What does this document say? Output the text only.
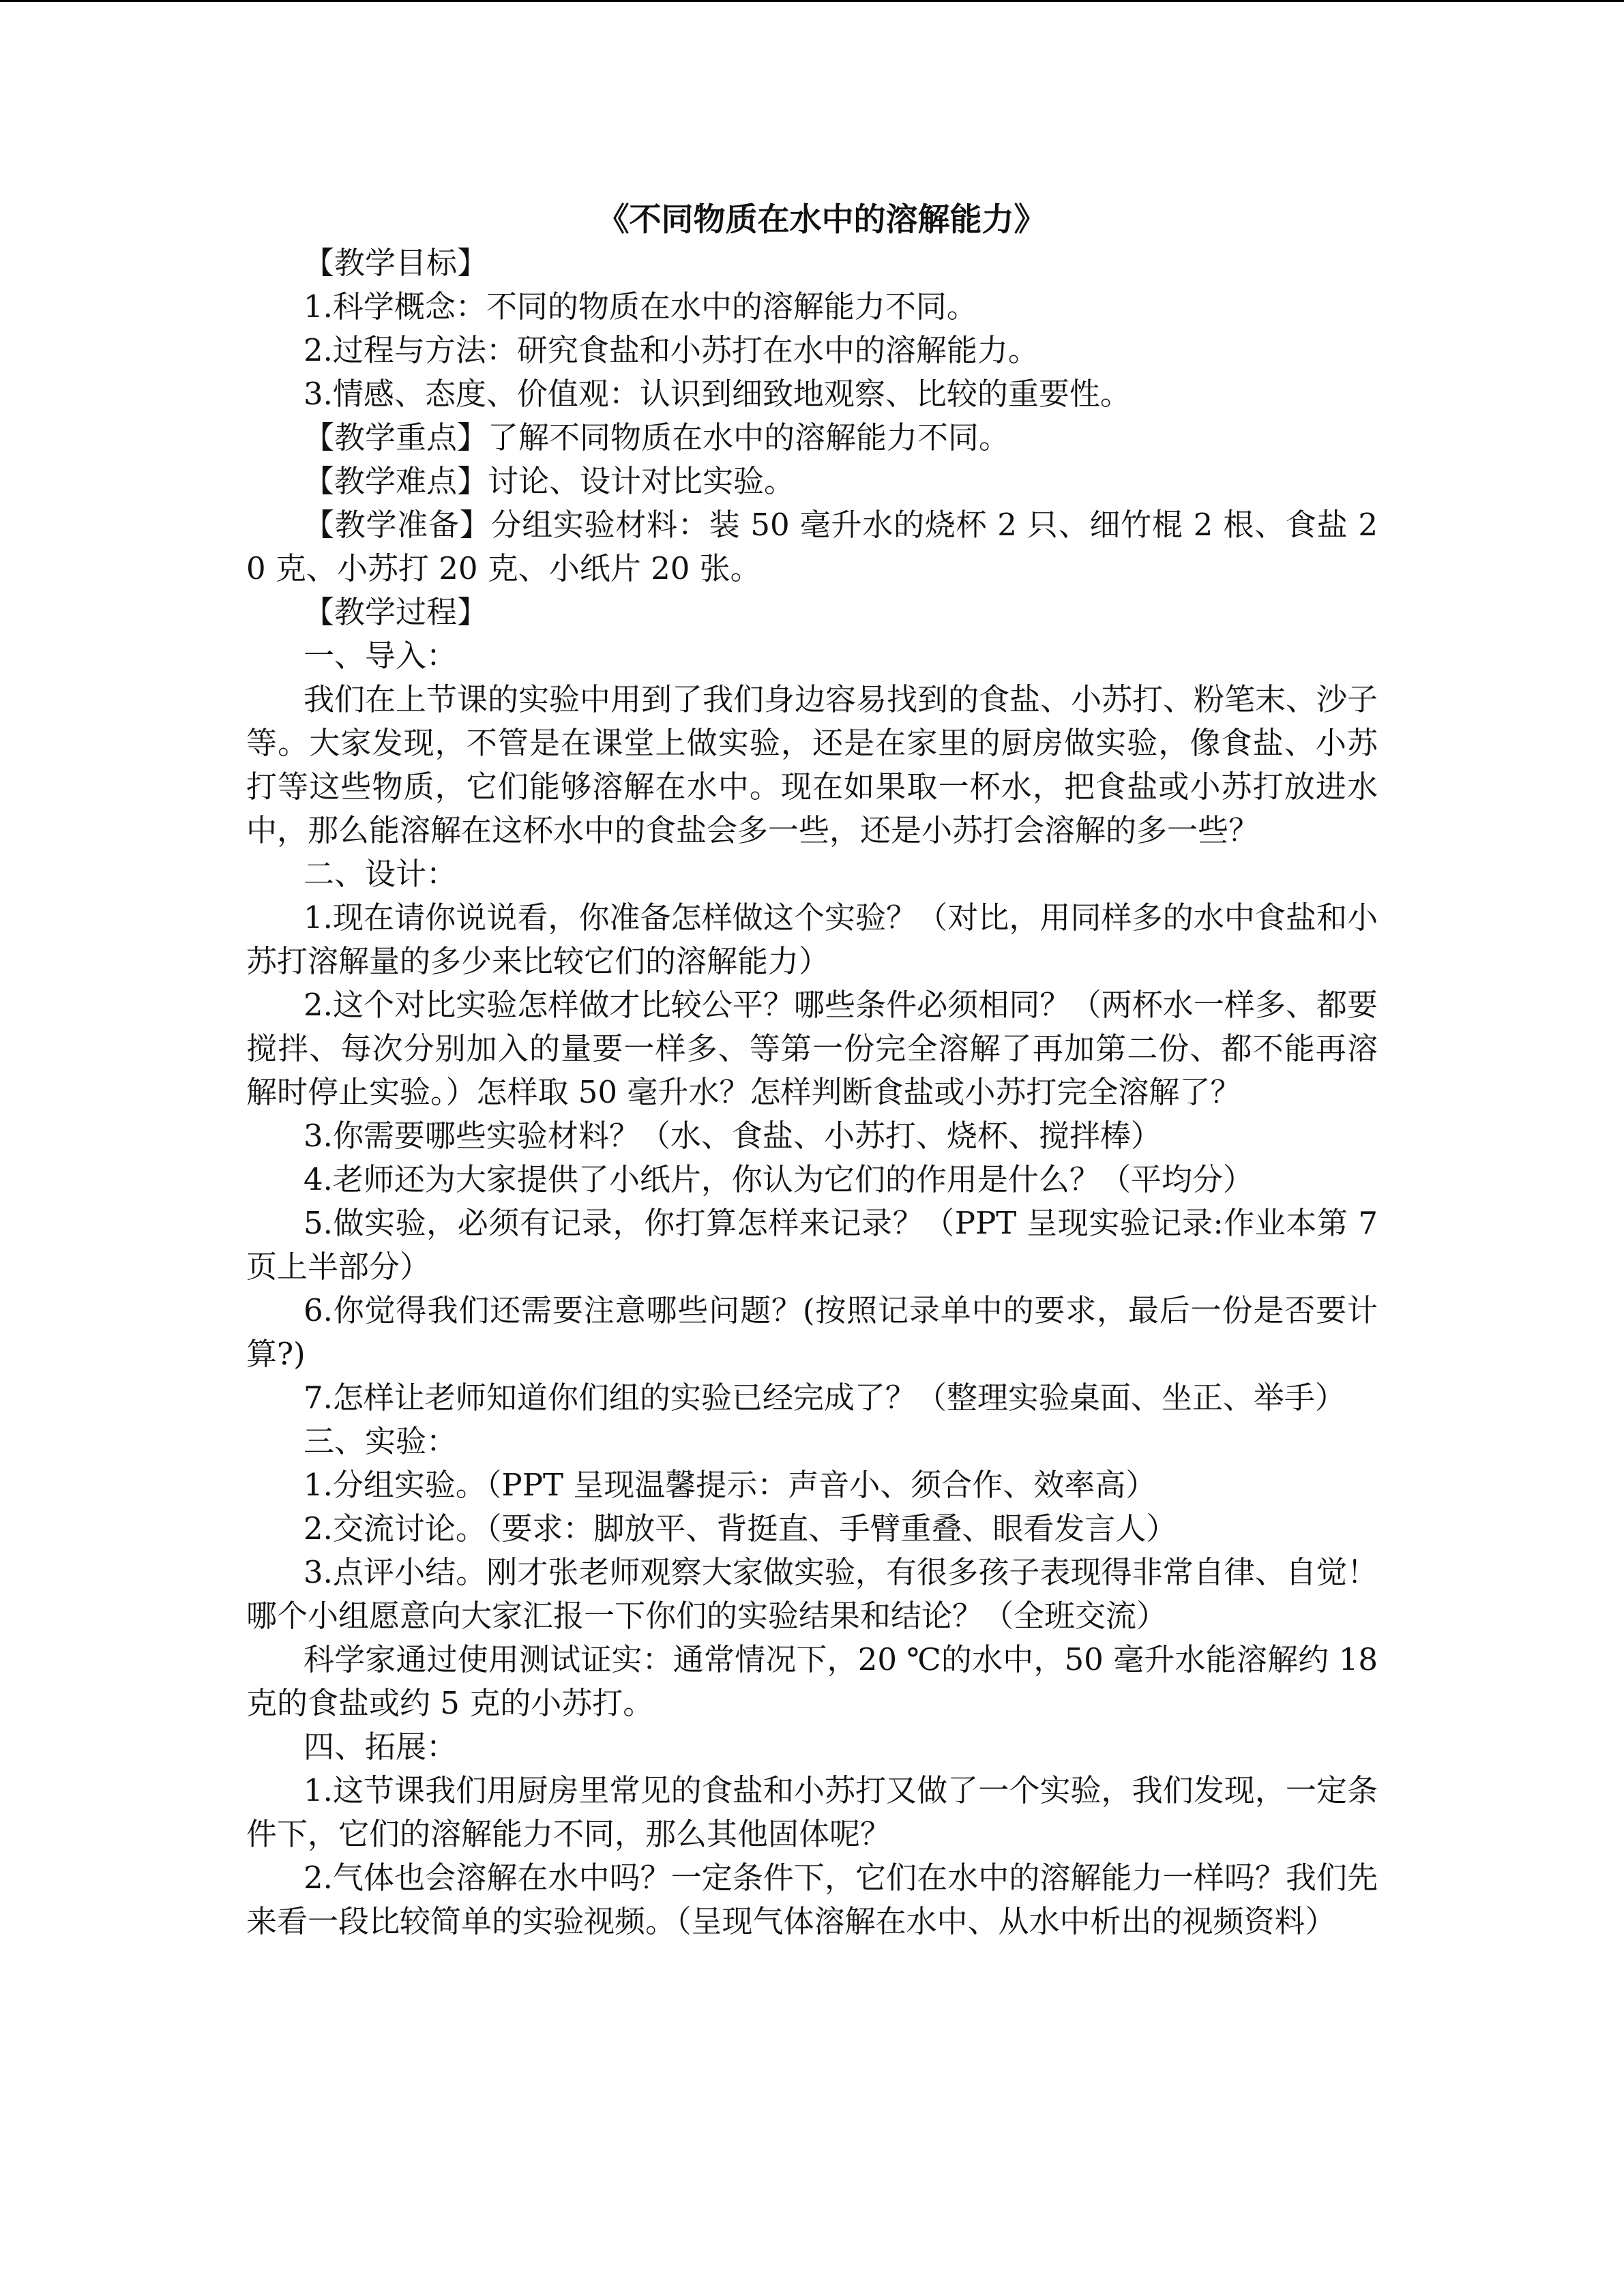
《不同物质在水中的溶解能力》

【教学目标】

1.科学概念：不同的物质在水中的溶解能力不同。

2.过程与方法：研究食盐和小苏打在水中的溶解能力。

3.情感、态度、价值观：认识到细致地观察、比较的重要性。

【教学重点】了解不同物质在水中的溶解能力不同。

【教学难点】讨论、设计对比实验。

【教学准备】分组实验材料：装 50 毫升水的烧杯 2 只、细竹棍 2 根、食盐 20 克、小苏打 20 克、小纸片 20 张。

【教学过程】

一、导入：

我们在上节课的实验中用到了我们身边容易找到的食盐、小苏打、粉笔末、沙子等。大家发现，不管是在课堂上做实验，还是在家里的厨房做实验，像食盐、小苏打等这些物质，它们能够溶解在水中。现在如果取一杯水，把食盐或小苏打放进水中，那么能溶解在这杯水中的食盐会多一些，还是小苏打会溶解的多一些？

二、设计：

1.现在请你说说看，你准备怎样做这个实验？（对比，用同样多的水中食盐和小苏打溶解量的多少来比较它们的溶解能力）

2.这个对比实验怎样做才比较公平？哪些条件必须相同？（两杯水一样多、都要搅拌、每次分别加入的量要一样多、等第一份完全溶解了再加第二份、都不能再溶解时停止实验。）怎样取 50 毫升水？怎样判断食盐或小苏打完全溶解了？

3.你需要哪些实验材料？（水、食盐、小苏打、烧杯、搅拌棒）

4.老师还为大家提供了小纸片，你认为它们的作用是什么？（平均分）

5.做实验，必须有记录，你打算怎样来记录？（PPT 呈现实验记录:作业本第 7 页上半部分）

6.你觉得我们还需要注意哪些问题？(按照记录单中的要求，最后一份是否要计算?)

7.怎样让老师知道你们组的实验已经完成了？（整理实验桌面、坐正、举手）

三、实验：

1.分组实验。（PPT 呈现温馨提示：声音小、须合作、效率高）

2.交流讨论。（要求：脚放平、背挺直、手臂重叠、眼看发言人）

3.点评小结。刚才张老师观察大家做实验，有很多孩子表现得非常自律、自觉！哪个小组愿意向大家汇报一下你们的实验结果和结论？（全班交流）

科学家通过使用测试证实：通常情况下，20 ℃的水中，50 毫升水能溶解约 18 克的食盐或约 5 克的小苏打。

四、拓展：

1.这节课我们用厨房里常见的食盐和小苏打又做了一个实验，我们发现，一定条件下，它们的溶解能力不同，那么其他固体呢？

2.气体也会溶解在水中吗？一定条件下，它们在水中的溶解能力一样吗？我们先来看一段比较简单的实验视频。（呈现气体溶解在水中、从水中析出的视频资料）
